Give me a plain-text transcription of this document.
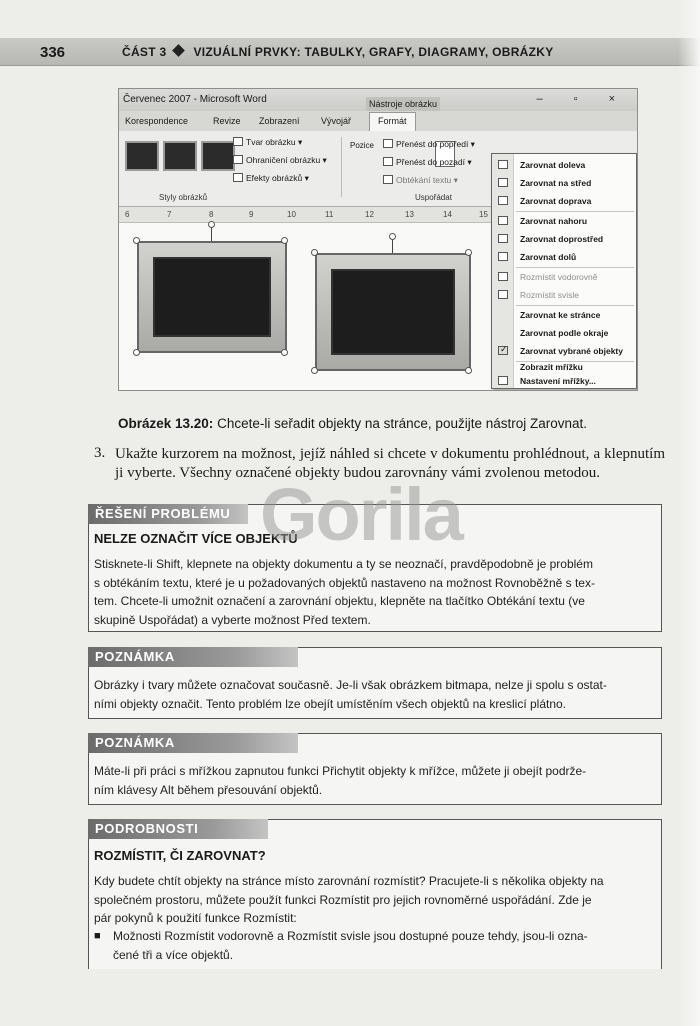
336	ČÁST 3 VIZUÁLNÍ PRVKY: TABULKY, GRAFY, DIAGRAMY, OBRÁZKY
Červenec 2007 - Microsoft Word	Nástroje obrázku	– ▫ ×
Korespondence	Revize Zobrazení Vývojář	Formát
Tvar obrázku ▾
Ohraničení obrázku ▾
Efekty obrázků ▾
Styly obrázků
Pozice	Přenést do popředí ▾
Přenést do pozadí ▾
Obtékání textu ▾
Uspořádat
6	7	8	9	10	11	12	13	14	15
Zarovnat doleva
Zarovnat na střed
Zarovnat doprava
Zarovnat nahoru
Zarovnat doprostřed
Zarovnat dolů
Rozmístit vodorovně
Rozmístit svisle
Zarovnat ke stránce
Zarovnat podle okraje
✓
Zarovnat vybrané objekty
Zobrazit mřížku
Nastavení mřížky...
Obrázek 13.20: Chcete-li seřadit objekty na stránce, použijte nástroj Zarovnat.
3. Ukažte kurzorem na možnost, jejíž náhled si chcete v dokumentu prohlédnout, a klepnutím ji vyberte. Všechny označené objekty budou zarovnány vámi zvolenou metodou.
Gorila
ŘEŠENÍ PROBLÉMU
NELZE OZNAČIT VÍCE OBJEKTŮ
Stisknete-li Shift, klepnete na objekty dokumentu a ty se neoznačí, pravděpodobně je problém
s obtékáním textu, které je u požadovaných objektů nastaveno na možnost Rovnoběžně s tex-
tem. Chcete-li umožnit označení a zarovnání objektu, klepněte na tlačítko Obtékání textu (ve
skupině Uspořádat) a vyberte možnost Před textem.
POZNÁMKA
Obrázky i tvary můžete označovat současně. Je-li však obrázkem bitmapa, nelze ji spolu s ostat-
ními objekty označit. Tento problém lze obejít umístěním všech objektů na kreslicí plátno.
POZNÁMKA
Máte-li při práci s mřížkou zapnutou funkci Přichytit objekty k mřížce, můžete ji obejít podrže-
ním klávesy Alt během přesouvání objektů.
PODROBNOSTI
ROZMÍSTIT, ČI ZAROVNAT?
Kdy budete chtít objekty na stránce místo zarovnání rozmístit? Pracujete-li s několika objekty na
společném prostoru, můžete použít funkci Rozmístit pro jejich rovnoměrné uspořádání. Zde je
pár pokynů k použití funkce Rozmístit:
■ Možnosti Rozmístit vodorovně a Rozmístit svisle jsou dostupné pouze tehdy, jsou-li ozna-
čené tři a více objektů.
